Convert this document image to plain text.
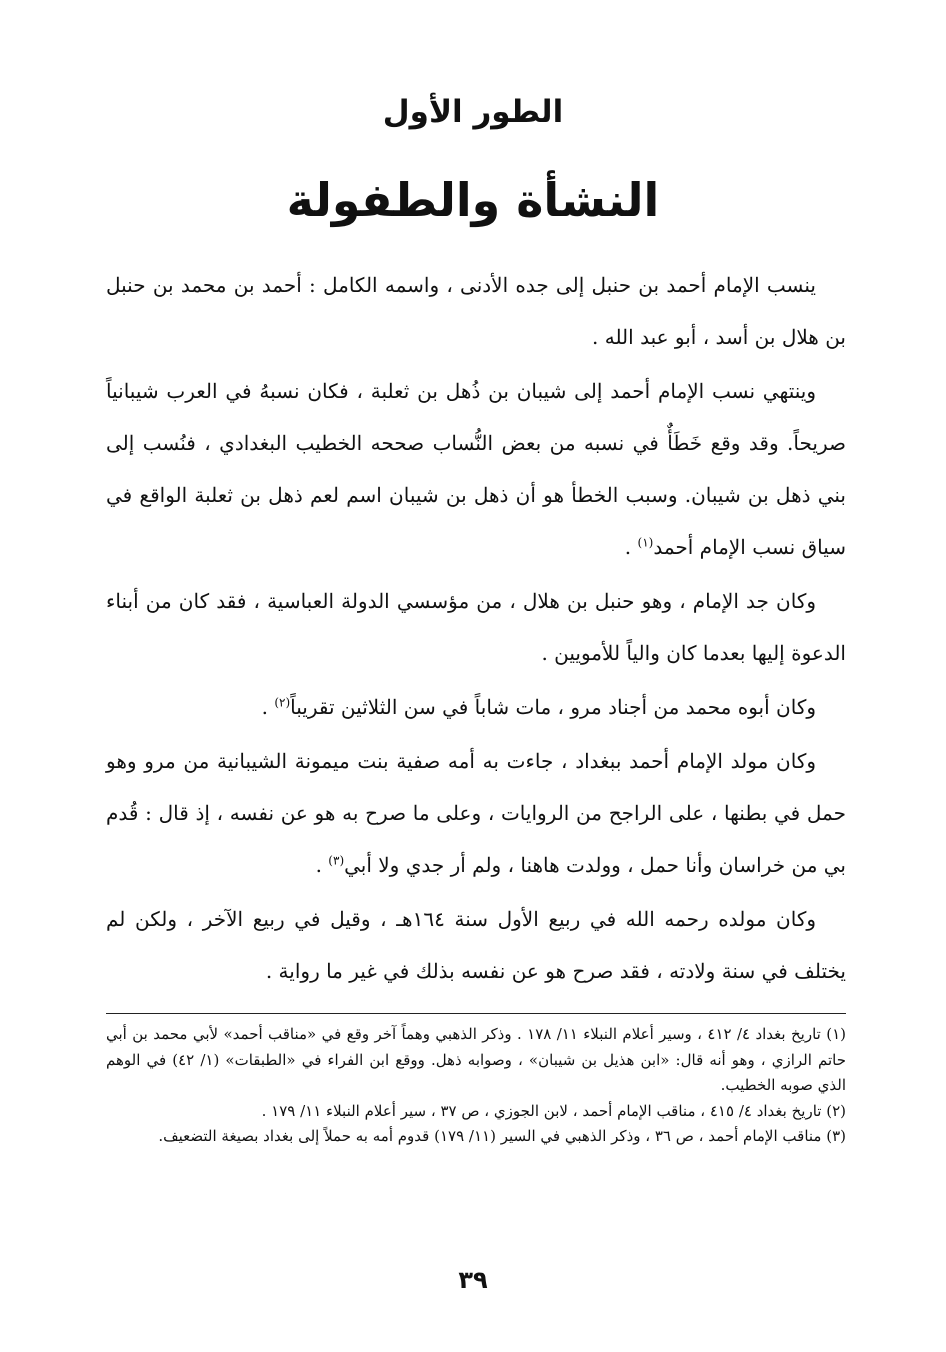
الطور الأول
النشأة والطفولة

ينسب الإمام أحمد بن حنبل إلى جده الأدنى ، واسمه الكامل : أحمد بن محمد بن حنبل بن هلال بن أسد ، أبو عبد الله .

وينتهي نسب الإمام أحمد إلى شيبان بن ذُهل بن ثعلبة ، فكان نسبهُ في العرب شيبانياً صريحاً. وقد وقع خَطَأٌ في نسبه من بعض النُّساب صححه الخطيب البغدادي ، فنُسب إلى بني ذهل بن شيبان. وسبب الخطأ هو أن ذهل بن شيبان اسم لعم ذهل بن ثعلبة الواقع في سياق نسب الإمام أحمد$^{(١)}$ .

وكان جد الإمام ، وهو حنبل بن هلال ، من مؤسسي الدولة العباسية ، فقد كان من أبناء الدعوة إليها بعدما كان والياً للأمويين .

وكان أبوه محمد من أجناد مرو ، مات شاباً في سن الثلاثين تقريباً$^{(٢)}$ .

وكان مولد الإمام أحمد ببغداد ، جاءت به أمه صفية بنت ميمونة الشيبانية من مرو وهو حمل في بطنها ، على الراجح من الروايات ، وعلى ما صرح به هو عن نفسه ، إذ قال : قُدم بي من خراسان وأنا حمل ، وولدت هاهنا ، ولم أر جدي ولا أبي$^{(٣)}$ .

وكان مولده رحمه الله في ربيع الأول سنة ١٦٤هـ ، وقيل في ربيع الآخر ، ولكن لم يختلف في سنة ولادته ، فقد صرح هو عن نفسه بذلك في غير ما رواية .

(١) تاريخ بغداد ٤/ ٤١٢ ، وسير أعلام النبلاء ١١/ ١٧٨ . وذكر الذهبي وهماً آخر وقع في «مناقب أحمد» لأبي محمد بن أبي حاتم الرازي ، وهو أنه قال: «ابن هذيل بن شيبان» ، وصوابه ذهل. ووقع ابن الفراء في «الطبقات» (١/ ٤٢) في الوهم الذي صوبه الخطيب.

(٢) تاريخ بغداد ٤/ ٤١٥ ، مناقب الإمام أحمد ، لابن الجوزي ، ص ٣٧ ، سير أعلام النبلاء ١١/ ١٧٩ .

(٣) مناقب الإمام أحمد ، ص ٣٦ ، وذكر الذهبي في السير (١١/ ١٧٩) قدوم أمه به حملاً إلى بغداد بصيغة التضعيف.

٣٩
